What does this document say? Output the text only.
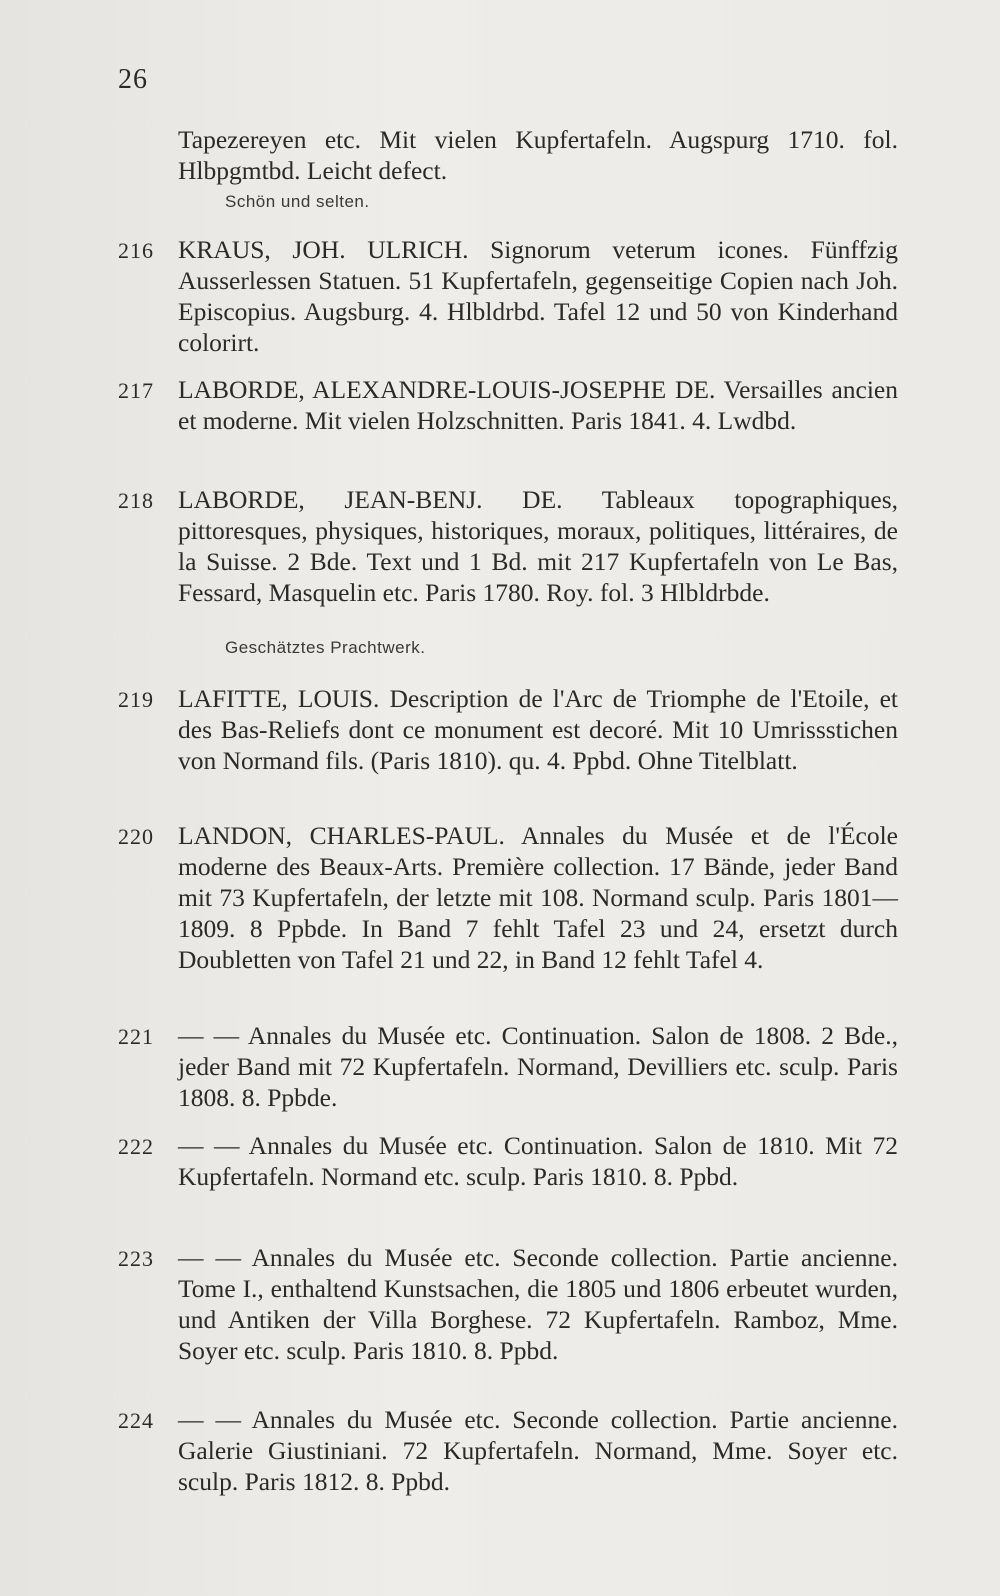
26
Tapezereyen etc. Mit vielen Kupfertafeln. Augspurg 1710. fol. Hlbpgmtbd. Leicht defect.
Schön und selten.
216 KRAUS, JOH. ULRICH. Signorum veterum icones. Fünffzig Ausserlessen Statuen. 51 Kupfertafeln, gegenseitige Copien nach Joh. Episcopius. Augsburg. 4. Hlbldrbd. Tafel 12 und 50 von Kinderhand colorirt.
217 LABORDE, ALEXANDRE-LOUIS-JOSEPHE DE. Versailles ancien et moderne. Mit vielen Holzschnitten. Paris 1841. 4. Lwdbd.
218 LABORDE, JEAN-BENJ. DE. Tableaux topographiques, pittoresques, physiques, historiques, moraux, politiques, littéraires, de la Suisse. 2 Bde. Text und 1 Bd. mit 217 Kupfertafeln von Le Bas, Fessard, Masquelin etc. Paris 1780. Roy. fol. 3 Hlbldrbde.
Geschätztes Prachtwerk.
219 LAFITTE, LOUIS. Description de l'Arc de Triomphe de l'Etoile, et des Bas-Reliefs dont ce monument est decoré. Mit 10 Umrissstichen von Normand fils. (Paris 1810). qu. 4. Ppbd. Ohne Titelblatt.
220 LANDON, CHARLES-PAUL. Annales du Musée et de l'École moderne des Beaux-Arts. Première collection. 17 Bände, jeder Band mit 73 Kupfertafeln, der letzte mit 108. Normand sculp. Paris 1801—1809. 8 Ppbde. In Band 7 fehlt Tafel 23 und 24, ersetzt durch Doubletten von Tafel 21 und 22, in Band 12 fehlt Tafel 4.
221 — — Annales du Musée etc. Continuation. Salon de 1808. 2 Bde., jeder Band mit 72 Kupfertafeln. Normand, Devilliers etc. sculp. Paris 1808. 8. Ppbde.
222 — — Annales du Musée etc. Continuation. Salon de 1810. Mit 72 Kupfertafeln. Normand etc. sculp. Paris 1810. 8. Ppbd.
223 — — Annales du Musée etc. Seconde collection. Partie ancienne. Tome I., enthaltend Kunstsachen, die 1805 und 1806 erbeutet wurden, und Antiken der Villa Borghese. 72 Kupfertafeln. Ramboz, Mme. Soyer etc. sculp. Paris 1810. 8. Ppbd.
224 — — Annales du Musée etc. Seconde collection. Partie ancienne. Galerie Giustiniani. 72 Kupfertafeln. Normand, Mme. Soyer etc. sculp. Paris 1812. 8. Ppbd.
